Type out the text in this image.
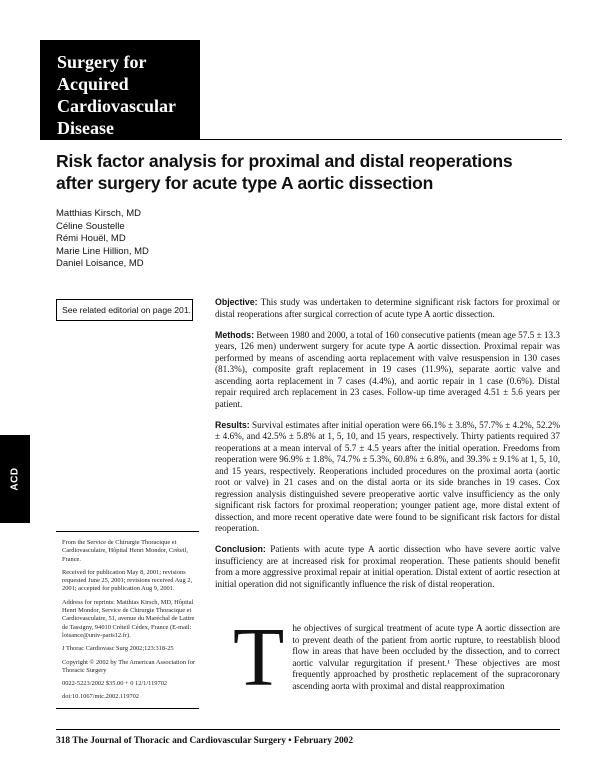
Surgery for
Acquired
Cardiovascular
Disease
Risk factor analysis for proximal and distal reoperations
after surgery for acute type A aortic dissection
Matthias Kirsch, MD
Céline Soustelle
Rémi Houël, MD
Marie Line Hillion, MD
Daniel Loisance, MD
See related editorial on page 201.

Objective: This study was undertaken to determine significant risk factors for proximal or distal reoperations after surgical correction of acute type A aortic dissection.

Methods: Between 1980 and 2000, a total of 160 consecutive patients (mean age 57.5 ± 13.3 years, 126 men) underwent surgery for acute type A aortic dissection. Proximal repair was performed by means of ascending aorta replacement with valve resuspension in 130 cases (81.3%), composite graft replacement in 19 cases (11.9%), separate aortic valve and ascending aorta replacement in 7 cases (4.4%), and aortic repair in 1 case (0.6%). Distal repair required arch replacement in 23 cases. Follow-up time averaged 4.51 ± 5.6 years per patient.

Results: Survival estimates after initial operation were 66.1% ± 3.8%, 57.7% ± 4.2%, 52.2% ± 4.6%, and 42.5% ± 5.8% at 1, 5, 10, and 15 years, respectively. Thirty patients required 37 reoperations at a mean interval of 5.7 ± 4.5 years after the initial operation. Freedoms from reoperation were 96.9% ± 1.8%, 74.7% ± 5.3%, 60.8% ± 6.8%, and 39.3% ± 9.1% at 1, 5, 10, and 15 years, respectively. Reoperations included procedures on the proximal aorta (aortic root or valve) in 21 cases and on the distal aorta or its side branches in 19 cases. Cox regression analysis distinguished severe preoperative aortic valve insufficiency as the only significant risk factors for proximal reoperation; younger patient age, more distal extent of dissection, and more recent operative date were found to be significant risk factors for distal reoperation.

Conclusion: Patients with acute type A aortic dissection who have severe aortic valve insufficiency are at increased risk for proximal reoperation. These patients should benefit from a more aggressive proximal repair at initial operation. Distal extent of aortic resection at initial operation did not significantly influence the risk of distal reoperation.

ACD

From the Service de Chirurgie Thoracique et Cardiovasculaire, Hôpital Henri Mondor, Créteil, France.

Received for publication May 8, 2001; revisions requested June 25, 2001; revisions received Aug 2, 2001; accepted for publication Aug 9, 2001.

Address for reprints: Matthias Kirsch, MD, Hôpital Henri Mondor, Service de Chirurgie Thoracique et Cardiovasculaire, 51, avenue du Maréchal de Lattre de Tassigny, 94010 Créteil Cédex, France (E-mail: loisance@univ-paris12.fr).

J Thorac Cardiovasc Surg 2002;123:318-25

Copyright © 2002 by The American Association for Thoracic Surgery

0022-5223/2002 $35.00 + 0 12/1/119702

doi:10.1067/mtc.2002.119702	The objectives of surgical treatment of acute type A aortic dissection are to prevent death of the patient from aortic rupture, to reestablish blood flow in areas that have been occluded by the dissection, and to correct aortic valvular regurgitation if present.¹ These objectives are most frequently approached by prosthetic replacement of the supracoronary ascending aorta with proximal and distal reapproximation
318 The Journal of Thoracic and Cardiovascular Surgery • February 2002
